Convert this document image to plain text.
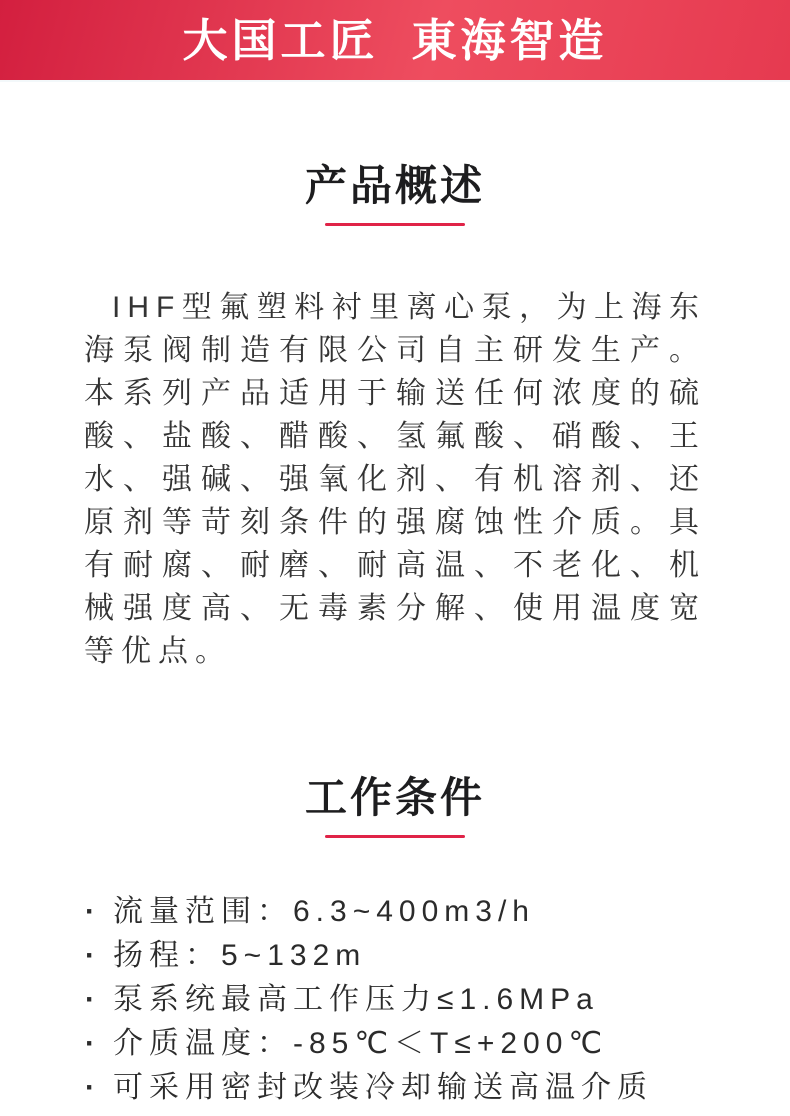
大国工匠  東海智造
产品概述

IHF型氟塑料衬里离心泵，为上海东海泵阀制造有限公司自主研发生产。本系列产品适用于输送任何浓度的硫酸、盐酸、醋酸、氢氟酸、硝酸、王水、强碱、强氧化剂、有机溶剂、还原剂等苛刻条件的强腐蚀性介质。具有耐腐、耐磨、耐高温、不老化、机械强度高、无毒素分解、使用温度宽等优点。

工作条件
· 流量范围：6.3~400m3/h
· 扬程：5~132m
· 泵系统最高工作压力≤1.6MPa
· 介质温度：-85℃＜T≤+200℃
· 可采用密封改装冷却输送高温介质
